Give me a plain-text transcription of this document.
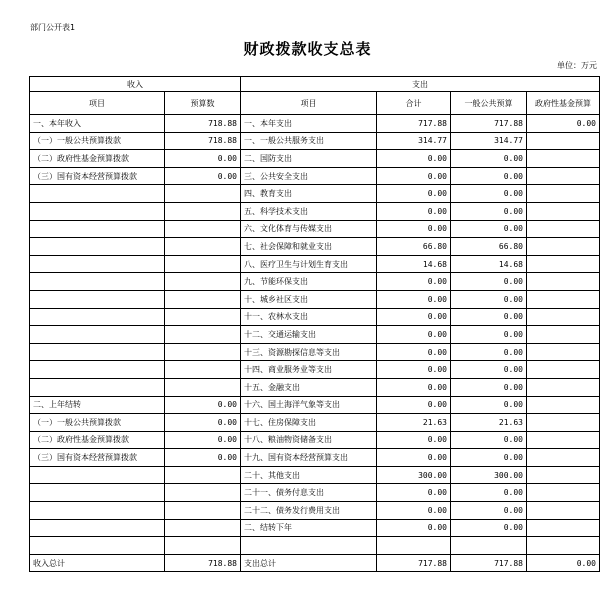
部门公开表1
财政拨款收支总表
单位：万元
收入		支出			
项目	预算数	项目	合计	一般公共预算	政府性基金预算
一、本年收入	718.88	一、本年支出	717.88	717.88	0.00
（一）一般公共预算拨款	718.88	一、一般公共服务支出	314.77	314.77	
（二）政府性基金预算拨款	0.00	二、国防支出	0.00	0.00	
（三）国有资本经营预算拨款	0.00	三、公共安全支出	0.00	0.00	
		四、教育支出	0.00	0.00	
		五、科学技术支出	0.00	0.00	
		六、文化体育与传媒支出	0.00	0.00	
		七、社会保障和就业支出	66.80	66.80	
		八、医疗卫生与计划生育支出	14.68	14.68	
		九、节能环保支出	0.00	0.00	
		十、城乡社区支出	0.00	0.00	
		十一、农林水支出	0.00	0.00	
		十二、交通运输支出	0.00	0.00	
		十三、资源勘探信息等支出	0.00	0.00	
		十四、商业服务业等支出	0.00	0.00	
		十五、金融支出	0.00	0.00	
二、上年结转	0.00	十六、国土海洋气象等支出	0.00	0.00	
（一）一般公共预算拨款	0.00	十七、住房保障支出	21.63	21.63	
（二）政府性基金预算拨款	0.00	十八、粮油物资储备支出	0.00	0.00	
（三）国有资本经营预算拨款	0.00	十九、国有资本经营预算支出	0.00	0.00	
		二十、其他支出	300.00	300.00	
		二十一、债务付息支出	0.00	0.00	
		二十二、债务发行费用支出	0.00	0.00	
		二、结转下年	0.00	0.00	

收入总计	718.88	支出总计	717.88	717.88	0.00
